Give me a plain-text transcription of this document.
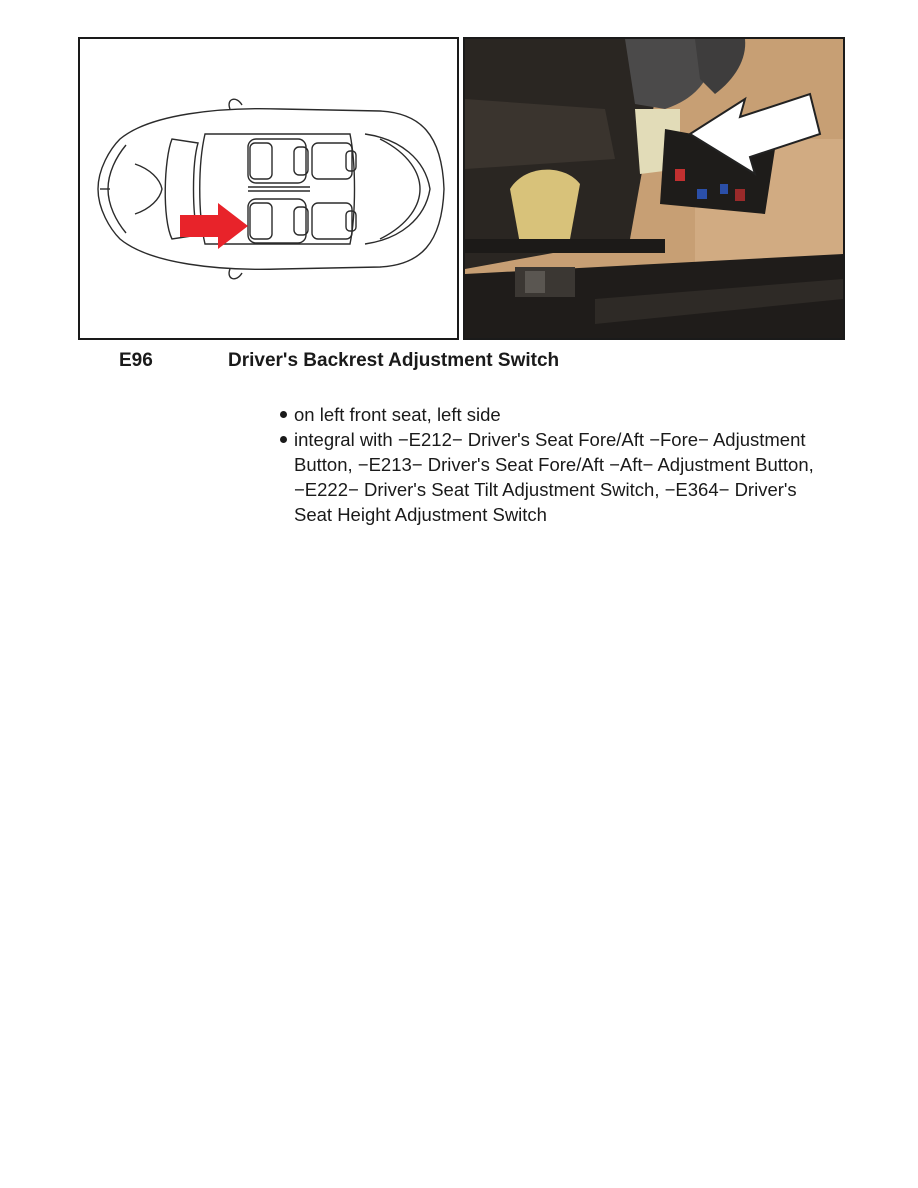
E96	Driver's Backrest Adjustment Switch
on left front seat, left side
integral with −E212− Driver's Seat Fore/Aft −Fore− Adjustment Button, −E213− Driver's Seat Fore/Aft −Aft− Adjustment Button, −E222− Driver's Seat Tilt Adjustment Switch, −E364− Driver's Seat Height Adjustment Switch
